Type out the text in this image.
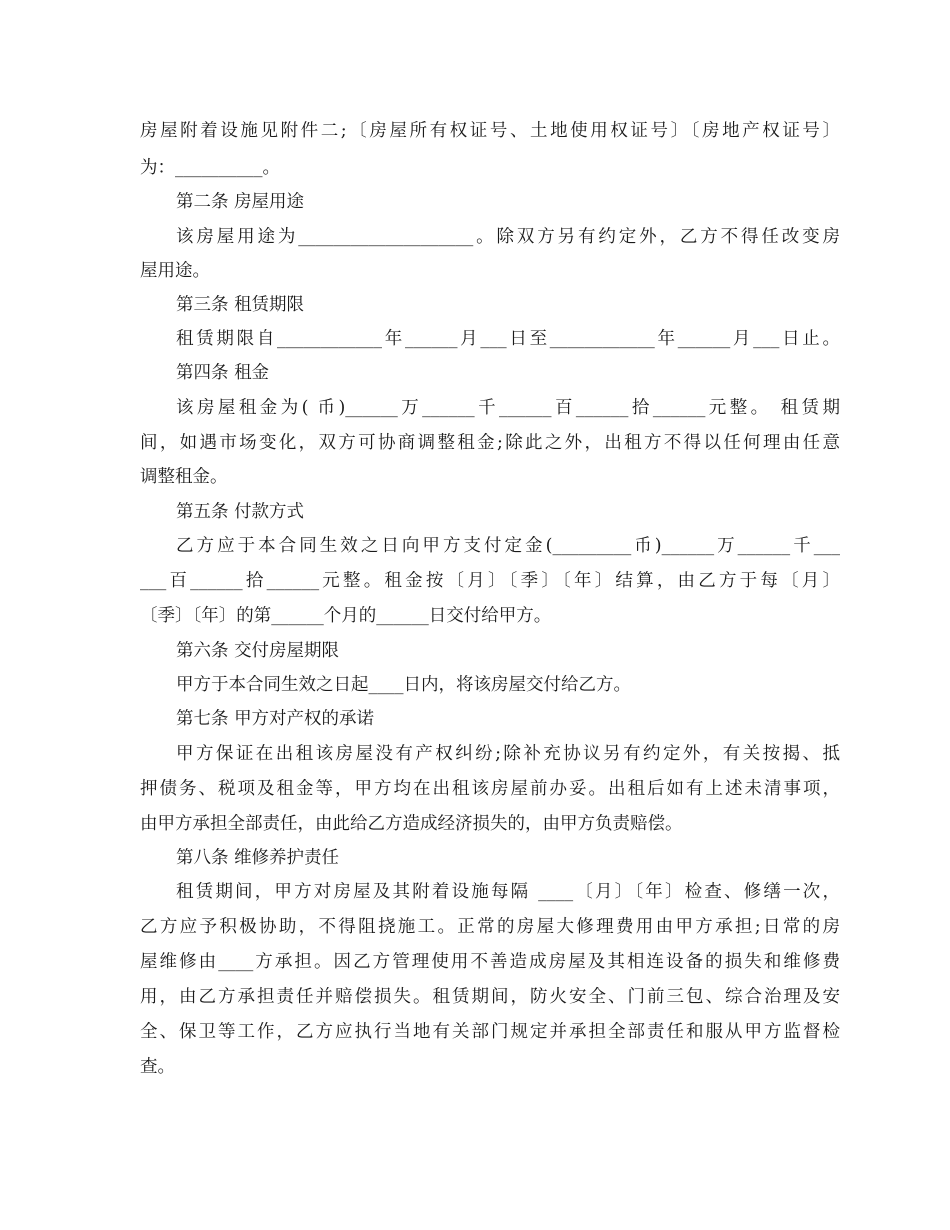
房屋附着设施见附件二;〔房屋所有权证号、土地使用权证号〕〔房地产权证号〕
为：__________。
第二条 房屋用途
该房屋用途为____________________。除双方另有约定外，乙方不得任改变房
屋用途。
第三条 租赁期限
租赁期限自____________年______月___日至____________年______月___日止。
第四条 租金
该房屋租金为( 币)______万______千______百______拾______元整。 租赁期
间，如遇市场变化，双方可协商调整租金;除此之外，出租方不得以任何理由任意
调整租金。
第五条 付款方式
乙方应于本合同生效之日向甲方支付定金(_________币)______万______千___
___百______拾______元整。租金按〔月〕〔季〕〔年〕结算，由乙方于每〔月〕
〔季〕〔年〕的第______个月的______日交付给甲方。
第六条 交付房屋期限
甲方于本合同生效之日起____日内，将该房屋交付给乙方。
第七条 甲方对产权的承诺
甲方保证在出租该房屋没有产权纠纷;除补充协议另有约定外，有关按揭、抵
押债务、税项及租金等，甲方均在出租该房屋前办妥。出租后如有上述未清事项，
由甲方承担全部责任，由此给乙方造成经济损失的，由甲方负责赔偿。
第八条 维修养护责任
租赁期间，甲方对房屋及其附着设施每隔 ____〔月〕〔年〕检查、修缮一次，
乙方应予积极协助，不得阻挠施工。正常的房屋大修理费用由甲方承担;日常的房
屋维修由____方承担。因乙方管理使用不善造成房屋及其相连设备的损失和维修费
用，由乙方承担责任并赔偿损失。租赁期间，防火安全、门前三包、综合治理及安
全、保卫等工作，乙方应执行当地有关部门规定并承担全部责任和服从甲方监督检
查。
